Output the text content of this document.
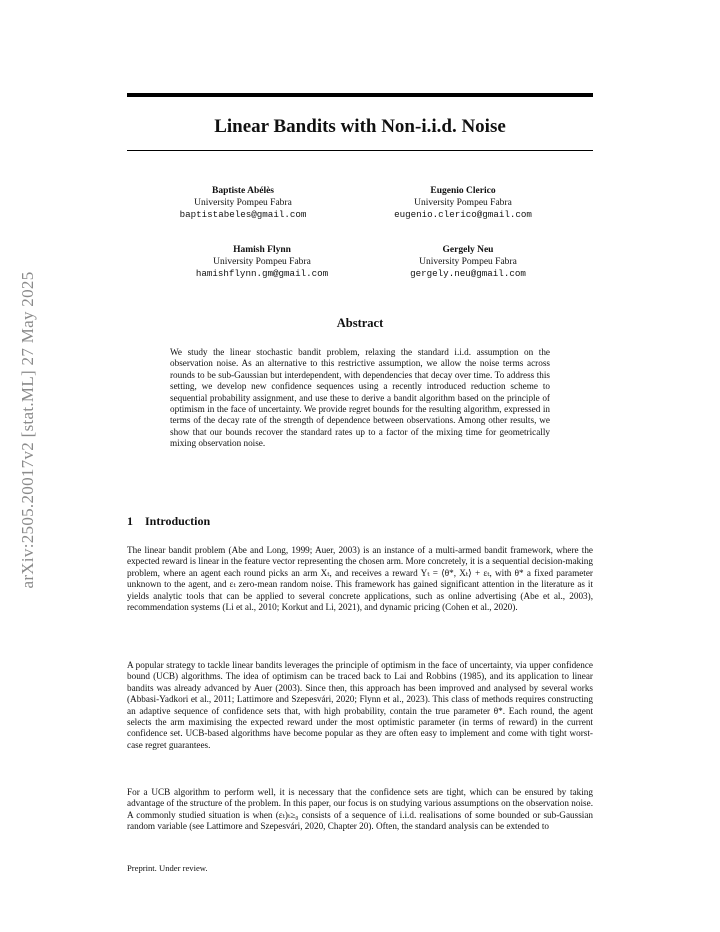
arXiv:2505.20017v2 [stat.ML] 27 May 2025
Linear Bandits with Non-i.i.d. Noise
Baptiste Abélès
University Pompeu Fabra
baptistabeles@gmail.com
Eugenio Clerico
University Pompeu Fabra
eugenio.clerico@gmail.com
Hamish Flynn
University Pompeu Fabra
hamishflynn.gm@gmail.com
Gergely Neu
University Pompeu Fabra
gergely.neu@gmail.com
Abstract
We study the linear stochastic bandit problem, relaxing the standard i.i.d. assumption on the observation noise. As an alternative to this restrictive assumption, we allow the noise terms across rounds to be sub-Gaussian but interdependent, with dependencies that decay over time. To address this setting, we develop new confidence sequences using a recently introduced reduction scheme to sequential probability assignment, and use these to derive a bandit algorithm based on the principle of optimism in the face of uncertainty. We provide regret bounds for the resulting algorithm, expressed in terms of the decay rate of the strength of dependence between observations. Among other results, we show that our bounds recover the standard rates up to a factor of the mixing time for geometrically mixing observation noise.
1 Introduction
The linear bandit problem (Abe and Long, 1999; Auer, 2003) is an instance of a multi-armed bandit framework, where the expected reward is linear in the feature vector representing the chosen arm. More concretely, it is a sequential decision-making problem, where an agent each round picks an arm Xₜ, and receives a reward Yₜ = ⟨θ*, Xₜ⟩ + εₜ, with θ* a fixed parameter unknown to the agent, and εₜ zero-mean random noise. This framework has gained significant attention in the literature as it yields analytic tools that can be applied to several concrete applications, such as online advertising (Abe et al., 2003), recommendation systems (Li et al., 2010; Korkut and Li, 2021), and dynamic pricing (Cohen et al., 2020).
A popular strategy to tackle linear bandits leverages the principle of optimism in the face of uncertainty, via upper confidence bound (UCB) algorithms. The idea of optimism can be traced back to Lai and Robbins (1985), and its application to linear bandits was already advanced by Auer (2003). Since then, this approach has been improved and analysed by several works (Abbasi-Yadkori et al., 2011; Lattimore and Szepesvári, 2020; Flynn et al., 2023). This class of methods requires constructing an adaptive sequence of confidence sets that, with high probability, contain the true parameter θ*. Each round, the agent selects the arm maximising the expected reward under the most optimistic parameter (in terms of reward) in the current confidence set. UCB-based algorithms have become popular as they are often easy to implement and come with tight worst-case regret guarantees.
For a UCB algorithm to perform well, it is necessary that the confidence sets are tight, which can be ensured by taking advantage of the structure of the problem. In this paper, our focus is on studying various assumptions on the observation noise. A commonly studied situation is when (εₜ)ₜ≥₀ consists of a sequence of i.i.d. realisations of some bounded or sub-Gaussian random variable (see Lattimore and Szepesvári, 2020, Chapter 20). Often, the standard analysis can be extended to
Preprint. Under review.
